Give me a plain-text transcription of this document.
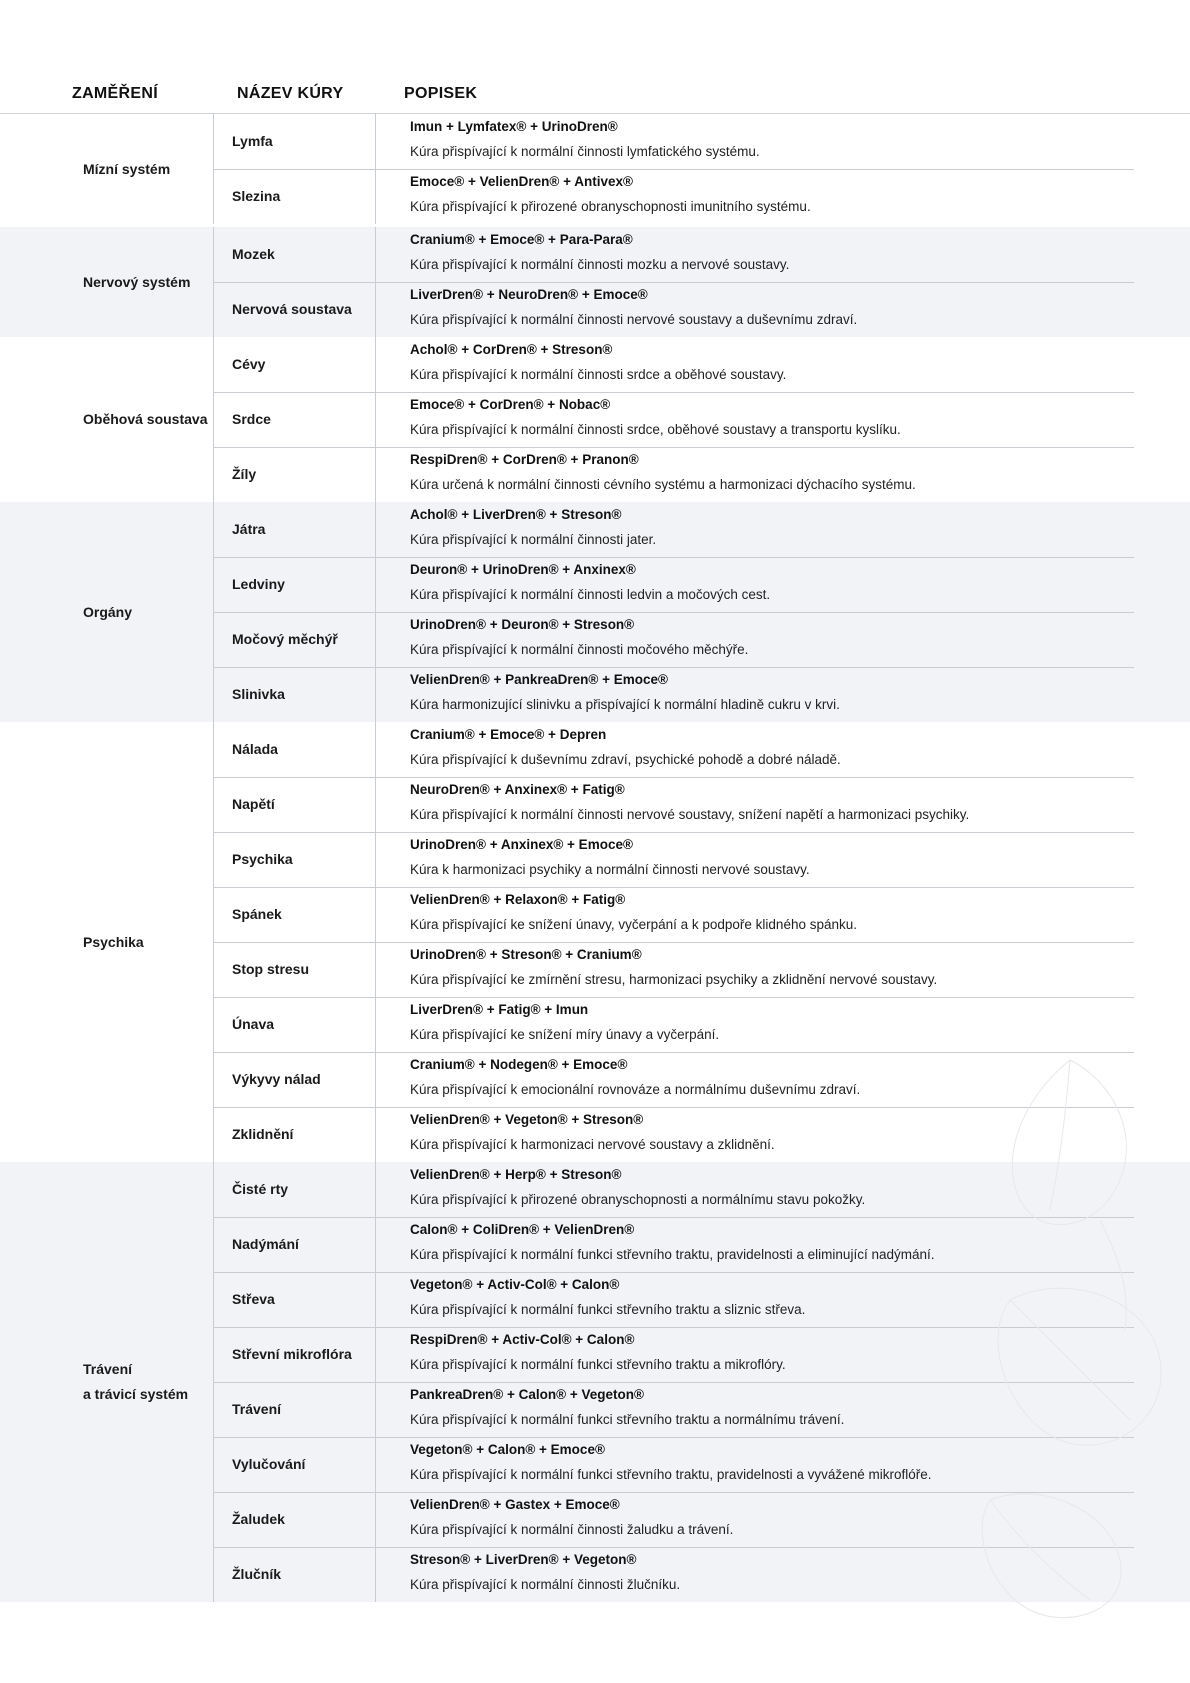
ZAMĚŘENÍ	NÁZEV KÚRY	POPISEK
Mízní systém
Lymfa
Imun + Lymfatex® + UrinoDren®
Kúra přispívající k normální činnosti lymfatického systému.
Slezina
Emoce® + VelienDren® + Antivex®
Kúra přispívající k přirozené obranyschopnosti imunitního systému.
Nervový systém
Mozek
Cranium® + Emoce® + Para-Para®
Kúra přispívající k normální činnosti mozku a nervové soustavy.
Nervová soustava
LiverDren® + NeuroDren® + Emoce®
Kúra přispívající k normální činnosti nervové soustavy a duševnímu zdraví.
Oběhová soustava
Cévy
Achol® + CorDren® + Streson®
Kúra přispívající k normální činnosti srdce a oběhové soustavy.
Srdce
Emoce® + CorDren® + Nobac®
Kúra přispívající k normální činnosti srdce, oběhové soustavy a transportu kyslíku.
Žíly
RespiDren® + CorDren® + Pranon®
Kúra určená k normální činnosti cévního systému a harmonizaci dýchacího systému.
Orgány
Játra
Achol® + LiverDren® + Streson®
Kúra přispívající k normální činnosti jater.
Ledviny
Deuron® + UrinoDren® + Anxinex®
Kúra přispívající k normální činnosti ledvin a močových cest.
Močový měchýř
UrinoDren® + Deuron® + Streson®
Kúra přispívající k normální činnosti močového měchýře.
Slinivka
VelienDren® + PankreaDren® + Emoce®
Kúra harmonizující slinivku a přispívající k normální hladině cukru v krvi.
Psychika
Nálada
Cranium® + Emoce® + Depren
Kúra přispívající k duševnímu zdraví, psychické pohodě a dobré náladě.
Napětí
NeuroDren® + Anxinex® + Fatig®
Kúra přispívající k normální činnosti nervové soustavy, snížení napětí a harmonizaci psychiky.
Psychika
UrinoDren® + Anxinex® + Emoce®
Kúra k harmonizaci psychiky a normální činnosti nervové soustavy.
Spánek
VelienDren® + Relaxon® + Fatig®
Kúra přispívající ke snížení únavy, vyčerpání a k podpoře klidného spánku.
Stop stresu
UrinoDren® + Streson® + Cranium®
Kúra přispívající ke zmírnění stresu, harmonizaci psychiky a zklidnění nervové soustavy.
Únava
LiverDren® + Fatig® + Imun
Kúra přispívající ke snížení míry únavy a vyčerpání.
Výkyvy nálad
Cranium® + Nodegen® + Emoce®
Kúra přispívající k emocionální rovnováze a normálnímu duševnímu zdraví.
Zklidnění
VelienDren® + Vegeton® + Streson®
Kúra přispívající k harmonizaci nervové soustavy a zklidnění.
Trávení
a trávicí systém
Čisté rty
VelienDren® + Herp® + Streson®
Kúra přispívající k přirozené obranyschopnosti a normálnímu stavu pokožky.
Nadýmání
Calon® + ColiDren® + VelienDren®
Kúra přispívající k normální funkci střevního traktu, pravidelnosti a eliminující nadýmání.
Střeva
Vegeton® + Activ-Col® + Calon®
Kúra přispívající k normální funkci střevního traktu a sliznic střeva.
Střevní mikroflóra
RespiDren® + Activ-Col® + Calon®
Kúra přispívající k normální funkci střevního traktu a mikroflóry.
Trávení
PankreaDren® + Calon® + Vegeton®
Kúra přispívající k normální funkci střevního traktu a normálnímu trávení.
Vylučování
Vegeton® + Calon® + Emoce®
Kúra přispívající k normální funkci střevního traktu, pravidelnosti a vyvážené mikroflóře.
Žaludek
VelienDren® + Gastex + Emoce®
Kúra přispívající k normální činnosti žaludku a trávení.
Žlučník
Streson® + LiverDren® + Vegeton®
Kúra přispívající k normální činnosti žlučníku.
